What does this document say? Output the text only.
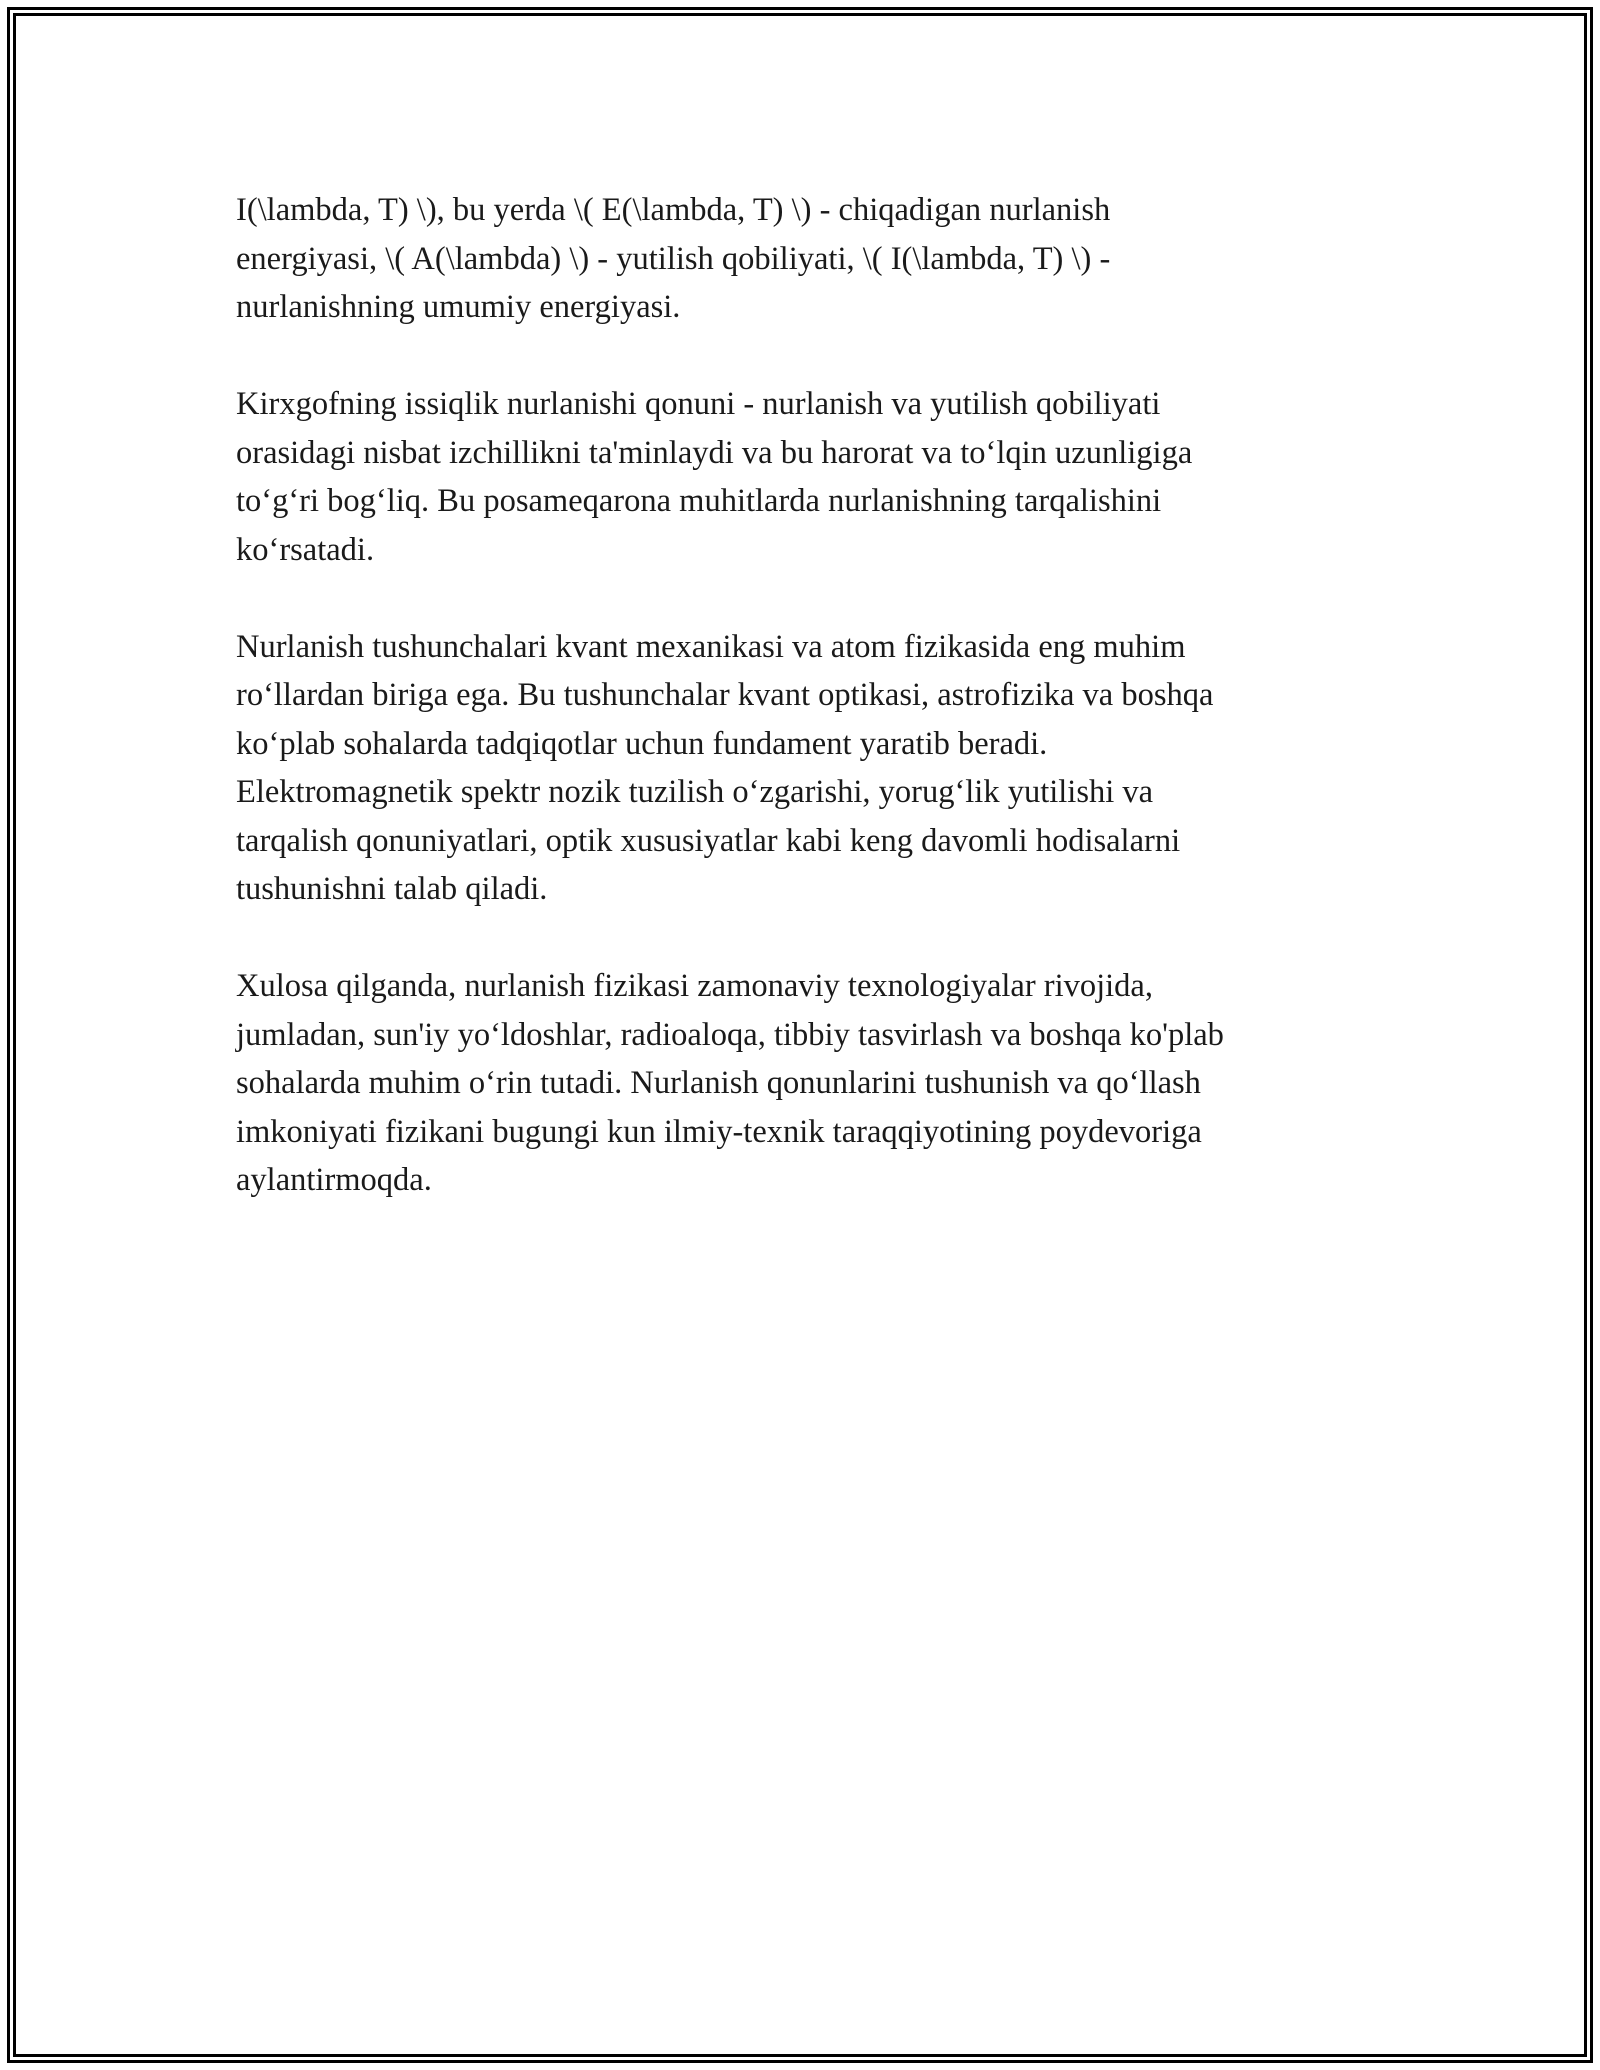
I(\lambda, T) \), bu yerda \( E(\lambda, T) \) - chiqadigan nurlanish
energiyasi, \( A(\lambda) \) - yutilish qobiliyati, \( I(\lambda, T) \) -
nurlanishning umumiy energiyasi.

Kirxgofning issiqlik nurlanishi qonuni - nurlanish va yutilish qobiliyati
orasidagi nisbat izchillikni ta'minlaydi va bu harorat va to‘lqin uzunligiga
to‘g‘ri bog‘liq. Bu posameqarona muhitlarda nurlanishning tarqalishini
ko‘rsatadi.

Nurlanish tushunchalari kvant mexanikasi va atom fizikasida eng muhim
ro‘llardan biriga ega. Bu tushunchalar kvant optikasi, astrofizika va boshqa
ko‘plab sohalarda tadqiqotlar uchun fundament yaratib beradi.
Elektromagnetik spektr nozik tuzilish o‘zgarishi, yorug‘lik yutilishi va
tarqalish qonuniyatlari, optik xususiyatlar kabi keng davomli hodisalarni
tushunishni talab qiladi.

Xulosa qilganda, nurlanish fizikasi zamonaviy texnologiyalar rivojida,
jumladan, sun'iy yo‘ldoshlar, radioaloqa, tibbiy tasvirlash va boshqa ko'plab
sohalarda muhim o‘rin tutadi. Nurlanish qonunlarini tushunish va qo‘llash
imkoniyati fizikani bugungi kun ilmiy-texnik taraqqiyotining poydevoriga
aylantirmoqda.
